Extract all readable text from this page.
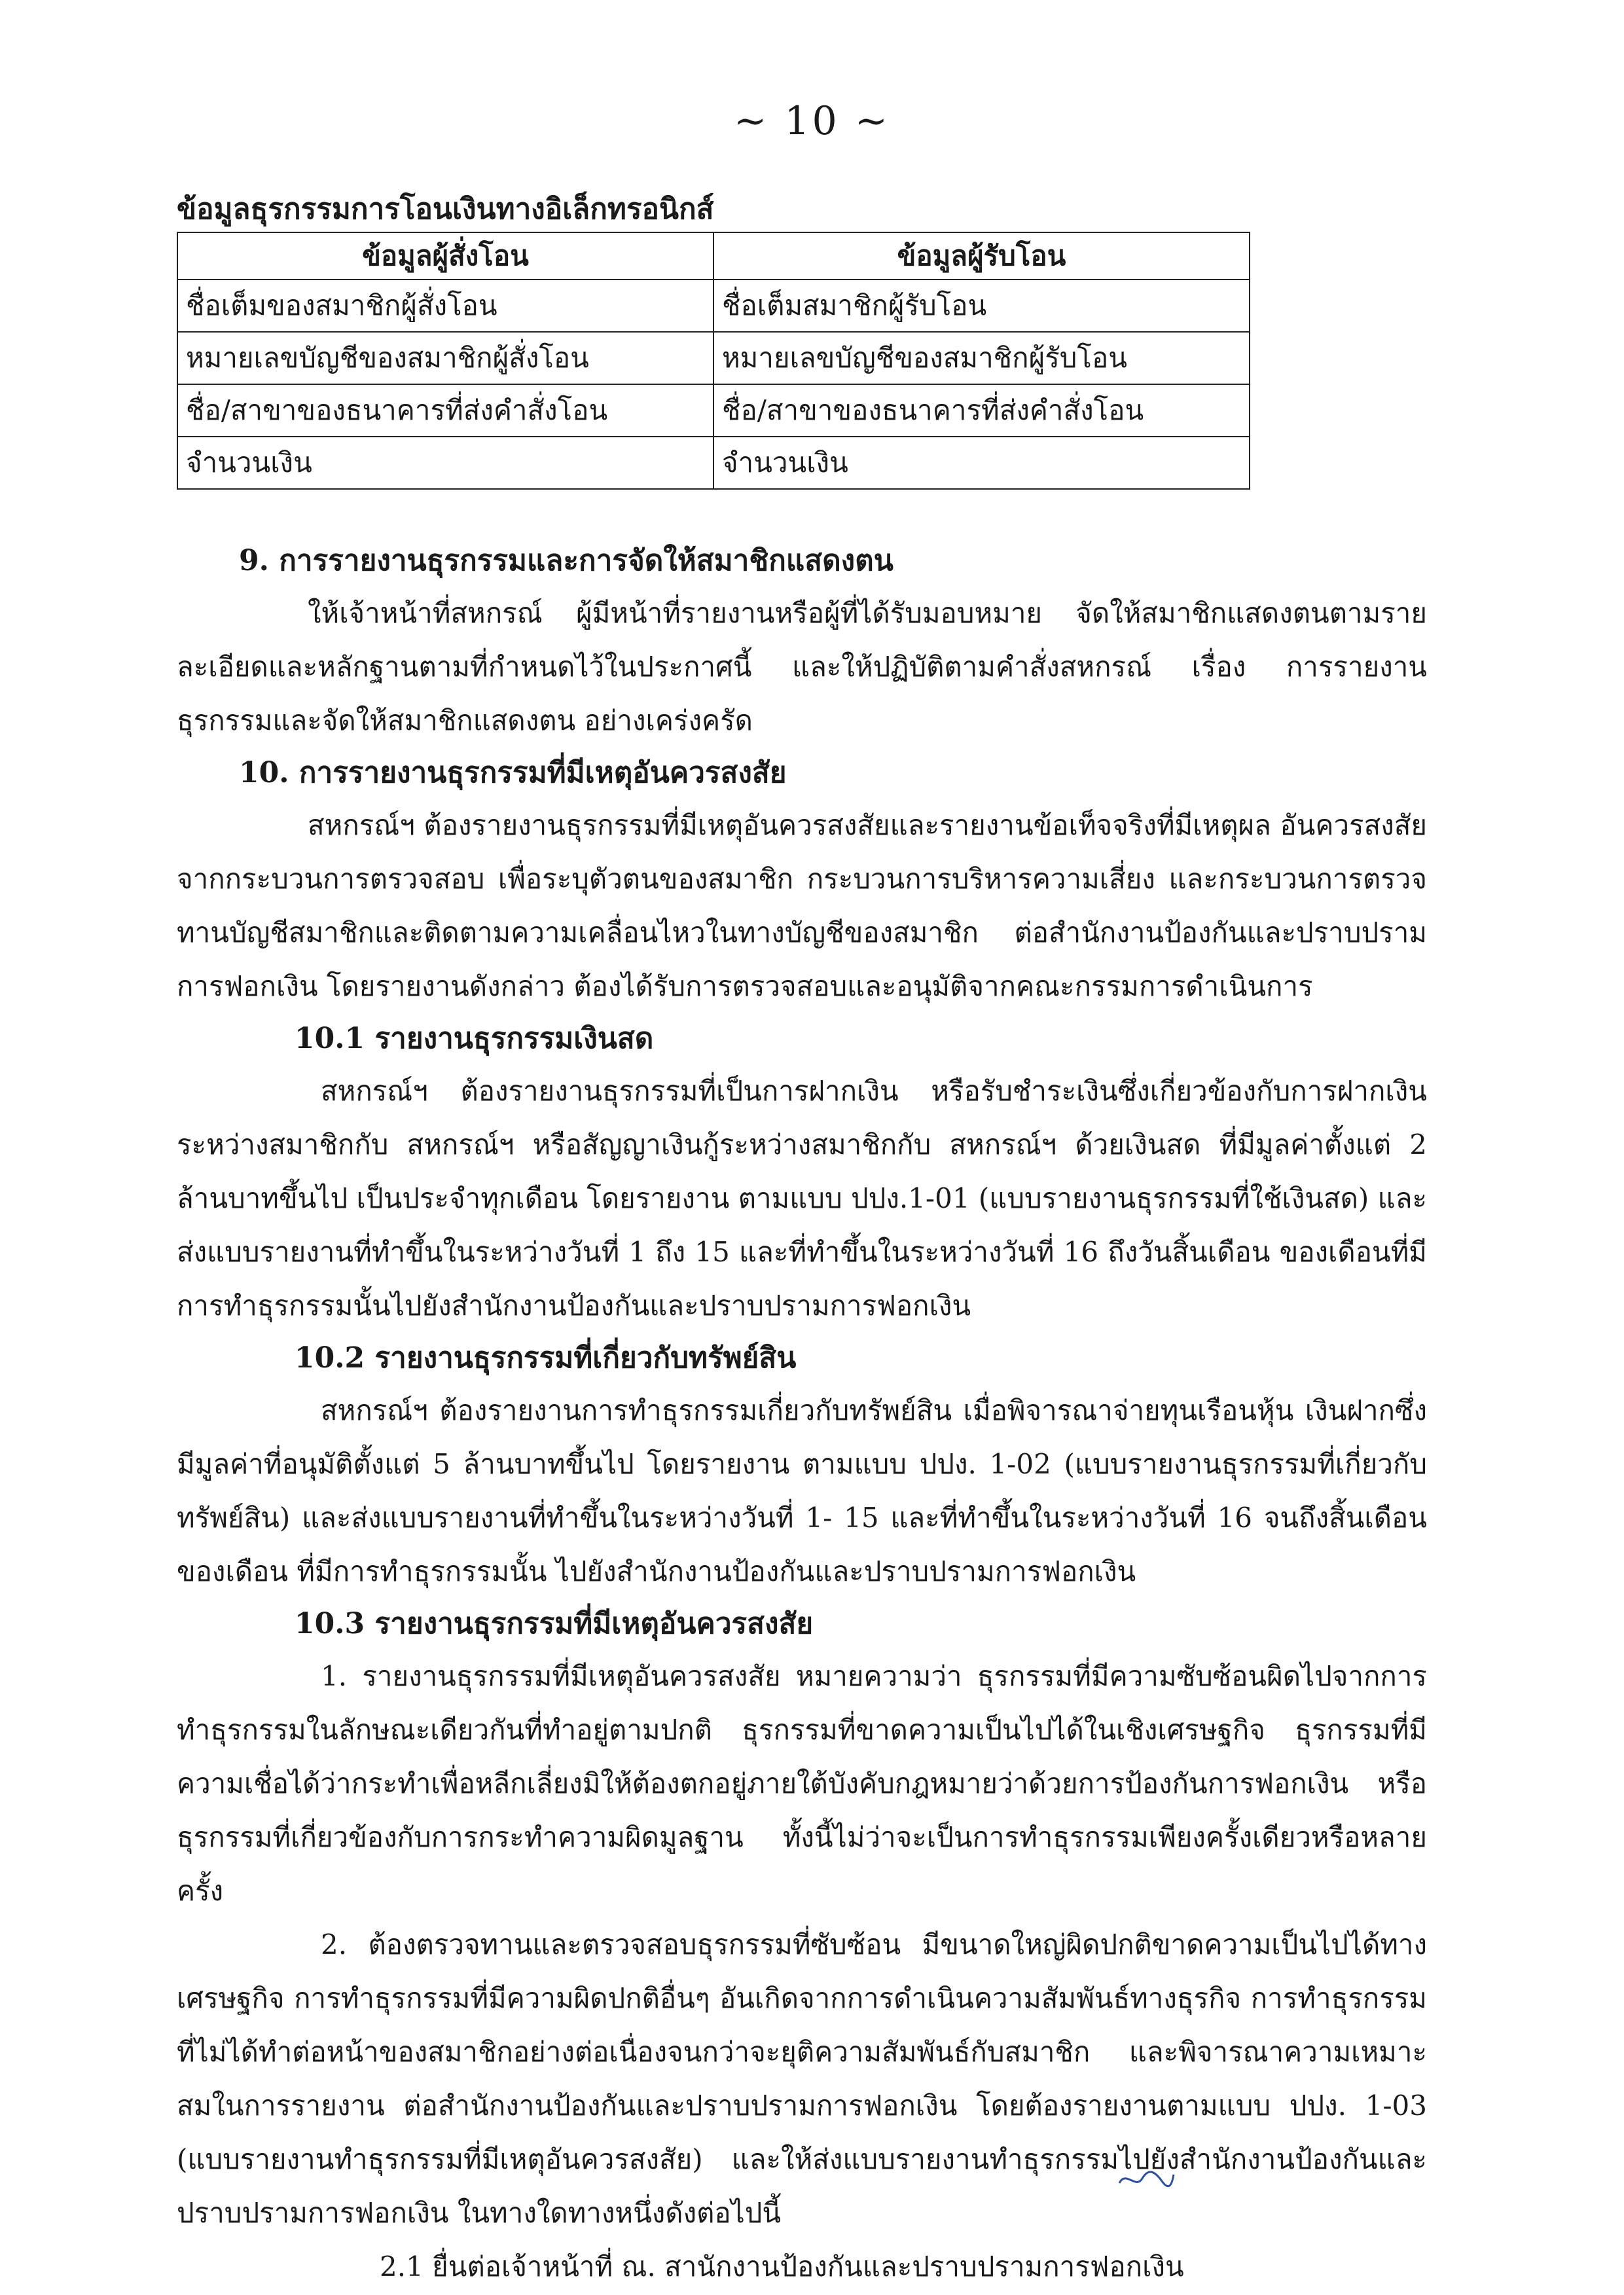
~ 10 ~
ข้อมูลธุรกรรมการโอนเงินทางอิเล็กทรอนิกส์
ข้อมูลผู้สั่งโอน	ข้อมูลผู้รับโอน
ชื่อเต็มของสมาชิกผู้สั่งโอน	ชื่อเต็มสมาชิกผู้รับโอน
หมายเลขบัญชีของสมาชิกผู้สั่งโอน	หมายเลขบัญชีของสมาชิกผู้รับโอน
ชื่อ/สาขาของธนาคารที่ส่งคำสั่งโอน	ชื่อ/สาขาของธนาคารที่ส่งคำสั่งโอน
จำนวนเงิน	จำนวนเงิน
9. การรายงานธุรกรรมและการจัดให้สมาชิกแสดงตน

ให้เจ้าหน้าที่สหกรณ์ ผู้มีหน้าที่รายงานหรือผู้ที่ได้รับมอบหมาย จัดให้สมาชิกแสดงตนตามรายละเอียดและหลักฐานตามที่กำหนดไว้ในประกาศนี้ และให้ปฏิบัติตามคำสั่งสหกรณ์ เรื่อง การรายงานธุรกรรมและจัดให้สมาชิกแสดงตน อย่างเคร่งครัด

10. การรายงานธุรกรรมที่มีเหตุอันควรสงสัย

สหกรณ์ฯ ต้องรายงานธุรกรรมที่มีเหตุอันควรสงสัยและรายงานข้อเท็จจริงที่มีเหตุผล อันควรสงสัยจากกระบวนการตรวจสอบ เพื่อระบุตัวตนของสมาชิก กระบวนการบริหารความเสี่ยง และกระบวนการตรวจทานบัญชีสมาชิกและติดตามความเคลื่อนไหวในทางบัญชีของสมาชิก ต่อสำนักงานป้องกันและปราบปรามการฟอกเงิน โดยรายงานดังกล่าว ต้องได้รับการตรวจสอบและอนุมัติจากคณะกรรมการดำเนินการ

10.1 รายงานธุรกรรมเงินสด

สหกรณ์ฯ ต้องรายงานธุรกรรมที่เป็นการฝากเงิน หรือรับชำระเงินซึ่งเกี่ยวข้องกับการฝากเงินระหว่างสมาชิกกับ สหกรณ์ฯ หรือสัญญาเงินกู้ระหว่างสมาชิกกับ สหกรณ์ฯ ด้วยเงินสด ที่มีมูลค่าตั้งแต่ 2 ล้านบาทขึ้นไป เป็นประจำทุกเดือน โดยรายงาน ตามแบบ ปปง.1-01 (แบบรายงานธุรกรรมที่ใช้เงินสด) และส่งแบบรายงานที่ทำขึ้นในระหว่างวันที่ 1 ถึง 15 และที่ทำขึ้นในระหว่างวันที่ 16 ถึงวันสิ้นเดือน ของเดือนที่มีการทำธุรกรรมนั้นไปยังสำนักงานป้องกันและปราบปรามการฟอกเงิน

10.2 รายงานธุรกรรมที่เกี่ยวกับทรัพย์สิน

สหกรณ์ฯ ต้องรายงานการทำธุรกรรมเกี่ยวกับทรัพย์สิน เมื่อพิจารณาจ่ายทุนเรือนหุ้น เงินฝากซึ่งมีมูลค่าที่อนุมัติตั้งแต่ 5 ล้านบาทขึ้นไป โดยรายงาน ตามแบบ ปปง. 1-02 (แบบรายงานธุรกรรมที่เกี่ยวกับทรัพย์สิน) และส่งแบบรายงานที่ทำขึ้นในระหว่างวันที่ 1- 15 และที่ทำขึ้นในระหว่างวันที่ 16 จนถึงสิ้นเดือน ของเดือน ที่มีการทำธุรกรรมนั้น ไปยังสำนักงานป้องกันและปราบปรามการฟอกเงิน

10.3 รายงานธุรกรรมที่มีเหตุอันควรสงสัย

1. รายงานธุรกรรมที่มีเหตุอันควรสงสัย หมายความว่า ธุรกรรมที่มีความซับซ้อนผิดไปจากการทำธุรกรรมในลักษณะเดียวกันที่ทำอยู่ตามปกติ ธุรกรรมที่ขาดความเป็นไปได้ในเชิงเศรษฐกิจ ธุรกรรมที่มีความเชื่อได้ว่ากระทำเพื่อหลีกเลี่ยงมิให้ต้องตกอยู่ภายใต้บังคับกฎหมายว่าด้วยการป้องกันการฟอกเงิน หรือธุรกรรมที่เกี่ยวข้องกับการกระทำความผิดมูลฐาน ทั้งนี้ไม่ว่าจะเป็นการทำธุรกรรมเพียงครั้งเดียวหรือหลายครั้ง

2. ต้องตรวจทานและตรวจสอบธุรกรรมที่ซับซ้อน มีขนาดใหญ่ผิดปกติขาดความเป็นไปได้ทางเศรษฐกิจ การทำธุรกรรมที่มีความผิดปกติอื่นๆ อันเกิดจากการดำเนินความสัมพันธ์ทางธุรกิจ การทำธุรกรรมที่ไม่ได้ทำต่อหน้าของสมาชิกอย่างต่อเนื่องจนกว่าจะยุติความสัมพันธ์กับสมาชิก และพิจารณาความเหมาะสมในการรายงาน ต่อสำนักงานป้องกันและปราบปรามการฟอกเงิน โดยต้องรายงานตามแบบ ปปง. 1-03 (แบบรายงานทำธุรกรรมที่มีเหตุอันควรสงสัย) และให้ส่งแบบรายงานทำธุรกรรมไปยังสำนักงานป้องกันและปราบปรามการฟอกเงิน ในทางใดทางหนึ่งดังต่อไปนี้

2.1 ยื่นต่อเจ้าหน้าที่ ณ. สานักงานป้องกันและปราบปรามการฟอกเงิน
